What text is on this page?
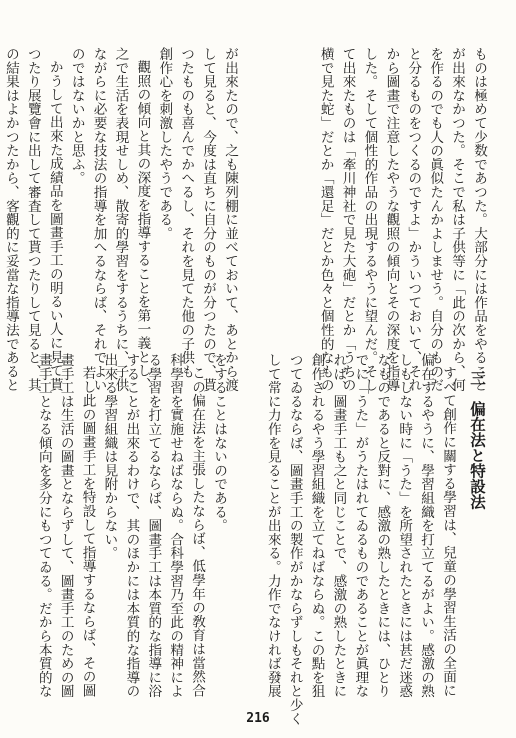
ものは極めて少数であつた。大部分には作品をやること
が出來なかつた。そこで私は子供等に「此の次から、何
を作るのでも人の眞似たんかよしませう。自分のものだ
と分るものをつくるのですよ」かういつておいて、それ
から圖畫で注意したやうな觀照の傾向とその深度を指導
した。そして個性的作品の出現するやうに望んだ。そし
て出來たものは「牽川神社で見た大砲」だとか「うちの
横で見た蛇」だとか「還足」だとか色々と個性的なもの
が出來たので、之も陳列棚に並べておいて、あとから渡
して見ると、今度は直ちに自分のものが分つたので、貰
つたものも喜んでかへるし、それを見てた他の子供も
創作心を刺激したやうである。
觀照の傾向と其の深度を指導することを第一義とし、
之で生活を表現せしめ、散寄的學習をするうちに、子供
ながらに必要な技法の指導を加へるならば、それでよい
のではないかと思ふ。
かうして出來た成績品を圖畫手工の明るい人に見て貰
つたり展覽會に出して審査して貰つたりして見ると、其
の結果はよかつたから、客觀的に妥當な指導法であると
三　偏在法と特設法
すべて創作に關する學習は、兒童の學習生活の全面に
偏在するやうに、學習組織を打立てるがよい。感激の熟
しもしない時に「うた」を所望されたときには甚だ迷惑
なものであると反對に、感激の熟したときには、ひとり
でに「うた」がうたはれてゐるものであることが眞理な
れば、圖畫手工も之と同じことで、感激の熟したときに
創作されるやう學習組織を立てねばならぬ。この點を狙
つてゐるならば、圖畫手工の製作がかならずしもそれと少く
して常に力作を見ることが出來る。力作でなければ發展
をすることはないのである。
この偏在法を主張したならば、低學年の敎育は當然合
科學習を實施せねばならぬ。合科學習乃至此の精神によ
る學習を打立てるならば、圖畫手工は本質的な指導に浴
することが出來るわけで、其のほかには本質的な指導の
出來る學習組織は見附からない。
若し此の圖畫手工を特設して指導するならば、その圖
畫手工は生活の圖畫とならずして、圖畫手工のための圖
畫手工となる傾向を多分にもつてゐる。だから本質的な
216
